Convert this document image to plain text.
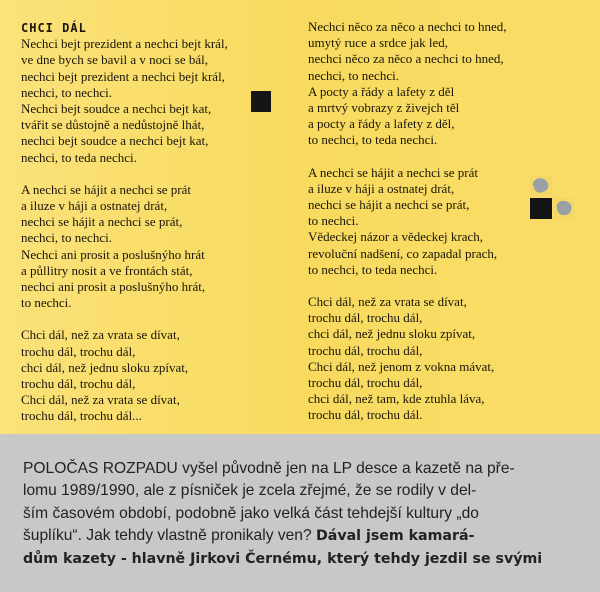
CHCI DÁL
Nechci bejt prezident a nechci bejt král,
ve dne bych se bavil a v noci se bál,
nechci bejt prezident a nechci bejt král,
nechci, to nechci.
Nechci bejt soudce a nechci bejt kat,
tvářit se důstojně a nedůstojně lhát,
nechci bejt soudce a nechci bejt kat,
nechci, to teda nechci.
A nechci se hájit a nechci se prát
a iluze v háji a ostnatej drát,
nechci se hájit a nechci se prát,
nechci, to nechci.
Nechci ani prosit a poslušnýho hrát
a půllitry nosit a ve frontách stát,
nechci ani prosit a poslušnýho hrát,
to nechci.
Chci dál, než za vrata se dívat,
trochu dál, trochu dál,
chci dál, než jednu sloku zpívat,
trochu dál, trochu dál,
Chci dál, než za vrata se dívat,
trochu dál, trochu dál...
Nechci něco za něco a nechci to hned,
umytý ruce a srdce jak led,
nechci něco za něco a nechci to hned,
nechci, to nechci.
A pocty a řády a lafety z děl
a mrtvý vobrazy z živejch těl
a pocty a řády a lafety z děl,
to nechci, to teda nechci.
A nechci se hájit a nechci se prát
a iluze v háji a ostnatej drát,
nechci se hájit a nechci se prát,
to nechci.
Vědeckej názor a vědeckej krach,
revoluční nadšení, co zapadal prach,
to nechci, to teda nechci.
Chci dál, než za vrata se dívat,
trochu dál, trochu dál,
chci dál, než jednu sloku zpívat,
trochu dál, trochu dál,
Chci dál, než jenom z vokna mávat,
trochu dál, trochu dál,
chci dál, než tam, kde ztuhla láva,
trochu dál, trochu dál.
POLOČAS ROZPADU vyšel původně jen na LP desce a kazetě na pře-
lomu 1989/1990, ale z písniček je zcela zřejmé, že se rodily v del-
ším časovém období, podobně jako velká část tehdejší kultury „do
šuplíku“. Jak tehdy vlastně pronikaly ven? Dával jsem kamará-
dům kazety - hlavně Jirkovi Černému, který tehdy jezdil se svými
